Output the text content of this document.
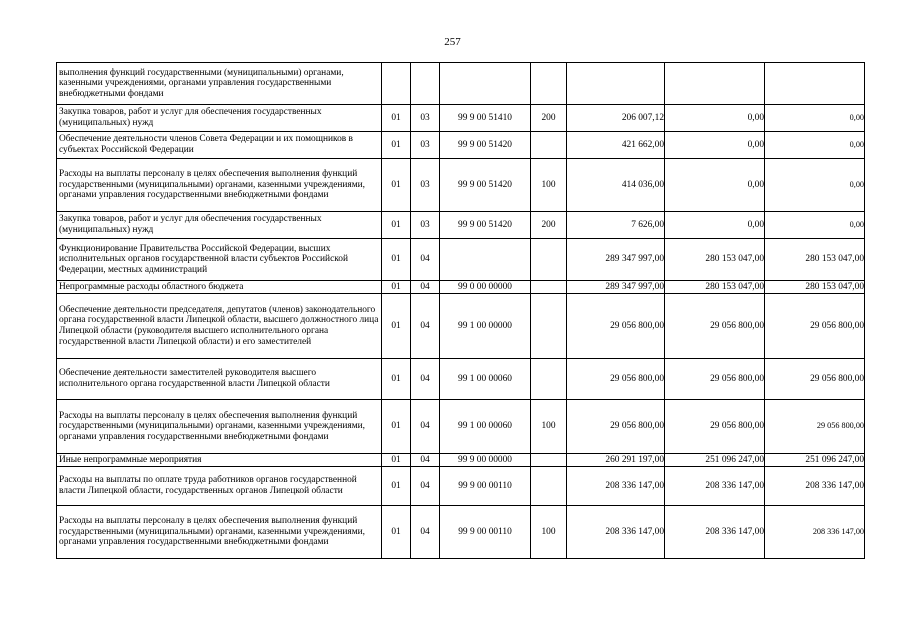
257
выполнения функций государственными (муниципальными) органами, казенными учреждениями, органами управления государственными внебюджетными фондами							
Закупка товаров, работ и услуг для обеспечения государственных (муниципальных) нужд	01	03	99 9 00 51410	200	206 007,12	0,00	0,00
Обеспечение деятельности членов Совета Федерации и их помощников в субъектах Российской Федерации	01	03	99 9 00 51420		421 662,00	0,00	0,00
Расходы на выплаты персоналу в целях обеспечения выполнения функций государственными (муниципальными) органами, казенными учреждениями, органами управления государственными внебюджетными фондами	01	03	99 9 00 51420	100	414 036,00	0,00	0,00
Закупка товаров, работ и услуг для обеспечения государственных (муниципальных) нужд	01	03	99 9 00 51420	200	7 626,00	0,00	0,00
Функционирование Правительства Российской Федерации, высших исполнительных органов государственной власти субъектов Российской Федерации, местных администраций	01	04			289 347 997,00	280 153 047,00	280 153 047,00
Непрограммные расходы областного бюджета	01	04	99 0 00 00000		289 347 997,00	280 153 047,00	280 153 047,00
Обеспечение деятельности председателя, депутатов (членов) законодательного органа государственной власти Липецкой области, высшего должностного лица Липецкой области (руководителя высшего исполнительного органа государственной власти Липецкой области) и его заместителей	01	04	99 1 00 00000		29 056 800,00	29 056 800,00	29 056 800,00
Обеспечение деятельности заместителей руководителя высшего исполнительного органа государственной власти Липецкой области	01	04	99 1 00 00060		29 056 800,00	29 056 800,00	29 056 800,00
Расходы на выплаты персоналу в целях обеспечения выполнения функций государственными (муниципальными) органами, казенными учреждениями, органами управления государственными внебюджетными фондами	01	04	99 1 00 00060	100	29 056 800,00	29 056 800,00	29 056 800,00
Иные непрограммные мероприятия	01	04	99 9 00 00000		260 291 197,00	251 096 247,00	251 096 247,00
Расходы на выплаты по оплате труда работников органов государственной власти Липецкой области, государственных органов Липецкой области	01	04	99 9 00 00110		208 336 147,00	208 336 147,00	208 336 147,00
Расходы на выплаты персоналу в целях обеспечения выполнения функций государственными (муниципальными) органами, казенными учреждениями, органами управления государственными внебюджетными фондами	01	04	99 9 00 00110	100	208 336 147,00	208 336 147,00	208 336 147,00
